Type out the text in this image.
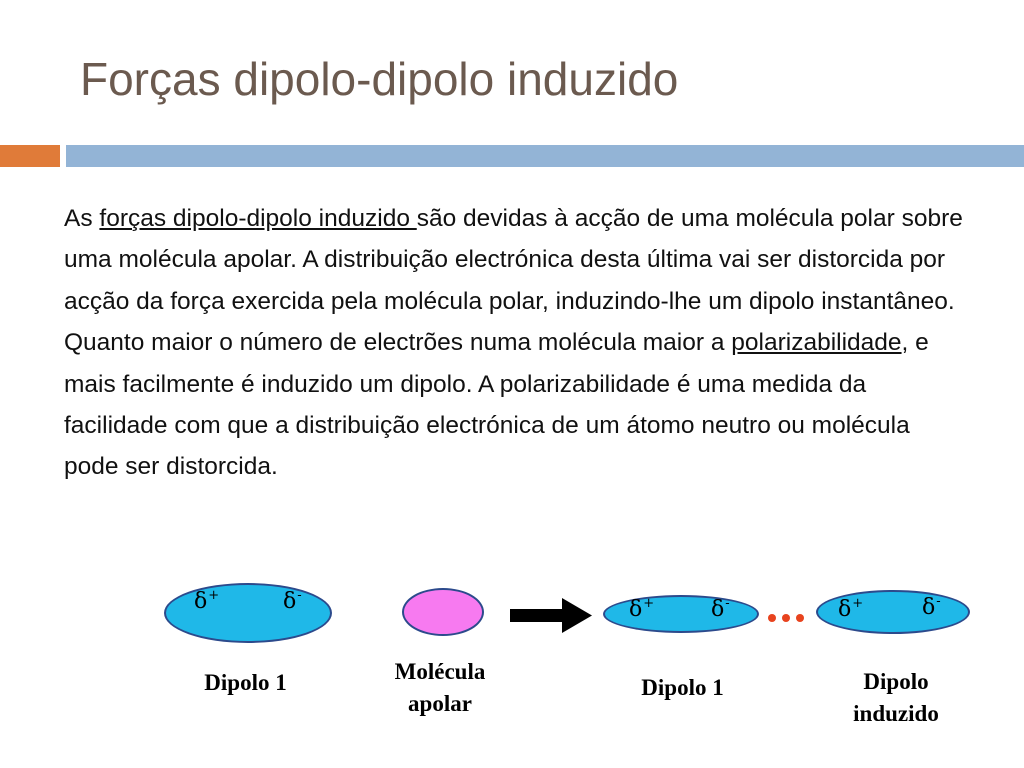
Forças dipolo-dipolo induzido

As forças dipolo-dipolo induzido são devidas à acção de uma molécula polar sobre uma molécula apolar. A distribuição electrónica desta última vai ser distorcida por acção da força exercida pela molécula polar, induzindo-lhe um dipolo instantâneo. Quanto maior o número de electrões numa molécula maior a polarizabilidade, e mais facilmente é induzido um dipolo. A polarizabilidade é uma medida da facilidade com que a distribuição electrónica de um átomo neutro ou molécula pode ser distorcida.

δ+	δ-
Dipolo 1	Molécula
apolar
δ+	δ-
Dipolo 1
δ+	δ-
Dipolo
induzido
